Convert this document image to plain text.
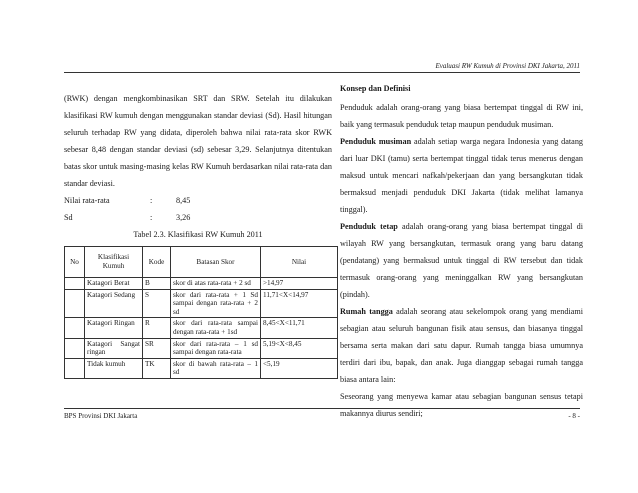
Evaluasi RW Kumuh di Provinsi DKI Jakarta, 2011

(RWK) dengan mengkombinasikan SRT dan SRW. Setelah itu dilakukan klasifikasi RW kumuh dengan menggunakan standar deviasi (Sd). Hasil hitungan seluruh terhadap RW yang didata, diperoleh bahwa nilai rata-rata skor RWK sebesar 8,48 dengan standar deviasi (sd) sebesar 3,29. Selanjutnya ditentukan batas skor untuk masing-masing kelas RW Kumuh berdasarkan nilai rata-rata dan standar deviasi.

Nilai rata-rata	:	8,45
Sd	:	3,26
Tabel 2.3. Klasifikasi RW Kumuh 2011
No	Klasifikasi Kumuh	Kode	Batasan Skor	Nilai
	Katagori Berat	B	skor di atas rata-rata + 2 sd	>14,97
	Katagori Sedang	S	skor dari rata-rata + 1 Sd sampai dengan rata-rata + 2 sd	11,71<X<14,97
	Katagori Ringan	R	skor dari rata-rata sampai dengan rata-rata + 1sd	8,45<X<11,71
	Katagori Sangat ringan	SR	skor dari rata-rata – 1 sd sampai dengan rata-rata	5,19<X<8,45
	Tidak kumuh	TK	skor di bawah rata-rata – 1 sd	<5,19
Konsep dan Definisi

Penduduk adalah orang-orang yang biasa bertempat tinggal di RW ini, baik yang termasuk penduduk tetap maupun penduduk musiman.

Penduduk musiman adalah setiap warga negara Indonesia yang datang dari luar DKI (tamu) serta bertempat tinggal tidak terus menerus dengan maksud untuk mencari nafkah/pekerjaan dan yang bersangkutan tidak bermaksud menjadi penduduk DKI Jakarta (tidak melihat lamanya tinggal).

Penduduk tetap adalah orang-orang yang biasa bertempat tinggal di wilayah RW yang bersangkutan, termasuk orang yang baru datang (pendatang) yang bermaksud untuk tinggal di RW tersebut dan tidak termasuk orang-orang yang meninggalkan RW yang bersangkutan (pindah).

Rumah tangga adalah seorang atau sekelompok orang yang mendiami sebagian atau seluruh bangunan fisik atau sensus, dan biasanya tinggal bersama serta makan dari satu dapur. Rumah tangga biasa umumnya terdiri dari ibu, bapak, dan anak. Juga dianggap sebagai rumah tangga biasa antara lain:

Seseorang yang menyewa kamar atau sebagian bangunan sensus tetapi makannya diurus sendiri;

BPS Provinsi DKI Jakarta	- 8 -
